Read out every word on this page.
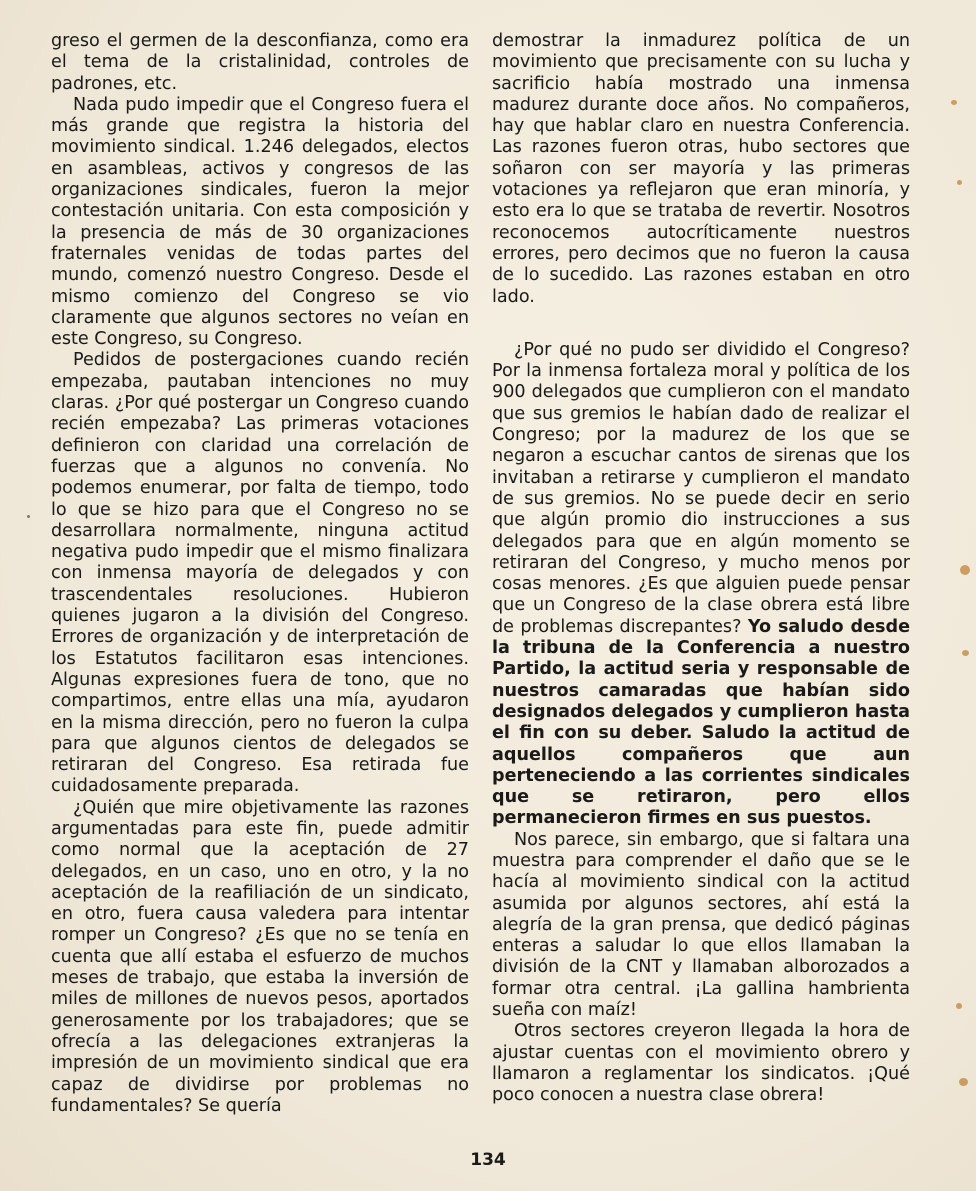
greso el germen de la desconfianza, como era el tema de la cristalinidad, controles de padrones, etc.

Nada pudo impedir que el Congreso fuera el más grande que registra la historia del movimiento sindical. 1.246 delegados, electos en asambleas, activos y congresos de las organizaciones sindicales, fueron la mejor contestación unitaria. Con esta composición y la presencia de más de 30 organizaciones fraternales venidas de todas partes del mundo, comenzó nuestro Congreso. Desde el mismo comienzo del Congreso se vio claramente que algunos sectores no veían en este Congreso, su Congreso.

Pedidos de postergaciones cuando recién empezaba, pautaban intenciones no muy claras. ¿Por qué postergar un Congreso cuando recién empezaba? Las primeras votaciones definieron con claridad una correlación de fuerzas que a algunos no convenía. No podemos enumerar, por falta de tiempo, todo lo que se hizo para que el Congreso no se desarrollara normalmente, ninguna actitud negativa pudo impedir que el mismo finalizara con inmensa mayoría de delegados y con trascendentales resoluciones. Hubieron quienes jugaron a la división del Congreso. Errores de organización y de interpretación de los Estatutos facilitaron esas intenciones. Algunas expresiones fuera de tono, que no compartimos, entre ellas una mía, ayudaron en la misma dirección, pero no fueron la culpa para que algunos cientos de delegados se retiraran del Congreso. Esa retirada fue cuidadosamente preparada.

¿Quién que mire objetivamente las razones argumentadas para este fin, puede admitir como normal que la aceptación de 27 delegados, en un caso, uno en otro, y la no aceptación de la reafiliación de un sindicato, en otro, fuera causa valedera para intentar romper un Congreso? ¿Es que no se tenía en cuenta que allí estaba el esfuerzo de muchos meses de trabajo, que estaba la inversión de miles de millones de nuevos pesos, aportados generosamente por los trabajadores; que se ofrecía a las delegaciones extranjeras la impresión de un movimiento sindical que era capaz de dividirse por problemas no fundamentales? Se quería

demostrar la inmadurez política de un movimiento que precisamente con su lucha y sacrificio había mostrado una inmensa madurez durante doce años. No compañeros, hay que hablar claro en nuestra Conferencia. Las razones fueron otras, hubo sectores que soñaron con ser mayoría y las primeras votaciones ya reflejaron que eran minoría, y esto era lo que se trataba de revertir. Nosotros reconocemos autocríticamente nuestros errores, pero decimos que no fueron la causa de lo sucedido. Las razones estaban en otro lado.

¿Por qué no pudo ser dividido el Congreso? Por la inmensa fortaleza moral y política de los 900 delegados que cumplieron con el mandato que sus gremios le habían dado de realizar el Congreso; por la madurez de los que se negaron a escuchar cantos de sirenas que los invitaban a retirarse y cumplieron el mandato de sus gremios. No se puede decir en serio que algún promio dio instrucciones a sus delegados para que en algún momento se retiraran del Congreso, y mucho menos por cosas menores. ¿Es que alguien puede pensar que un Congreso de la clase obrera está libre de problemas discrepantes? Yo saludo desde la tribuna de la Conferencia a nuestro Partido, la actitud seria y responsable de nuestros camaradas que habían sido designados delegados y cumplieron hasta el fin con su deber. Saludo la actitud de aquellos compañeros que aun perteneciendo a las corrientes sindicales que se retiraron, pero ellos permanecieron firmes en sus puestos.

Nos parece, sin embargo, que si faltara una muestra para comprender el daño que se le hacía al movimiento sindical con la actitud asumida por algunos sectores, ahí está la alegría de la gran prensa, que dedicó páginas enteras a saludar lo que ellos llamaban la división de la CNT y llamaban alborozados a formar otra central. ¡La gallina hambrienta sueña con maíz!

Otros sectores creyeron llegada la hora de ajustar cuentas con el movimiento obrero y llamaron a reglamentar los sindicatos. ¡Qué poco conocen a nuestra clase obrera!

134
